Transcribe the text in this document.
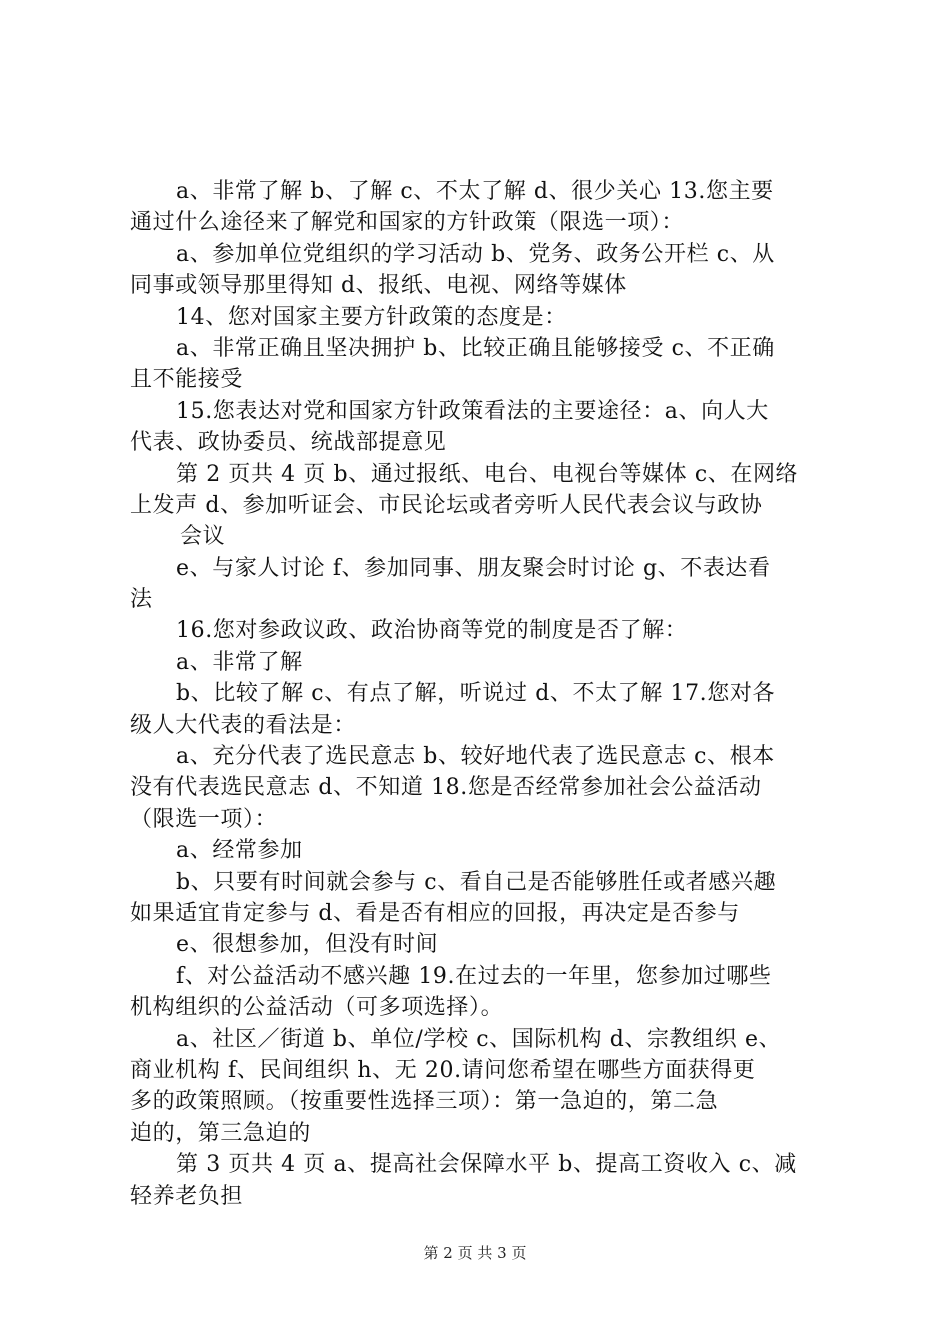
a、非常了解 b、了解 c、不太了解 d、很少关心 13.您主要
通过什么途径来了解党和国家的方针政策（限选一项）：
a、参加单位党组织的学习活动 b、党务、政务公开栏 c、从
同事或领导那里得知 d、报纸、电视、网络等媒体
14、您对国家主要方针政策的态度是：
a、非常正确且坚决拥护 b、比较正确且能够接受 c、不正确
且不能接受
15.您表达对党和国家方针政策看法的主要途径：a、向人大
代表、政协委员、统战部提意见
第 2 页共 4 页 b、通过报纸、电台、电视台等媒体 c、在网络
上发声 d、参加听证会、市民论坛或者旁听人民代表会议与政协
会议
e、与家人讨论 f、参加同事、朋友聚会时讨论 g、不表达看
法
16.您对参政议政、政治协商等党的制度是否了解：
a、非常了解
b、比较了解 c、有点了解，听说过 d、不太了解 17.您对各
级人大代表的看法是：
a、充分代表了选民意志 b、较好地代表了选民意志 c、根本
没有代表选民意志 d、不知道 18.您是否经常参加社会公益活动
（限选一项）：
a、经常参加
b、只要有时间就会参与 c、看自己是否能够胜任或者感兴趣
如果适宜肯定参与 d、看是否有相应的回报，再决定是否参与
e、很想参加，但没有时间
f、对公益活动不感兴趣 19.在过去的一年里，您参加过哪些
机构组织的公益活动（可多项选择）。
a、社区／街道 b、单位/学校 c、国际机构 d、宗教组织 e、
商业机构 f、民间组织 h、无 20.请问您希望在哪些方面获得更
多的政策照顾。（按重要性选择三项）：第一急迫的，第二急
迫的，第三急迫的
第 3 页共 4 页 a、提高社会保障水平 b、提高工资收入 c、减
轻养老负担
第 2 页 共 3 页
